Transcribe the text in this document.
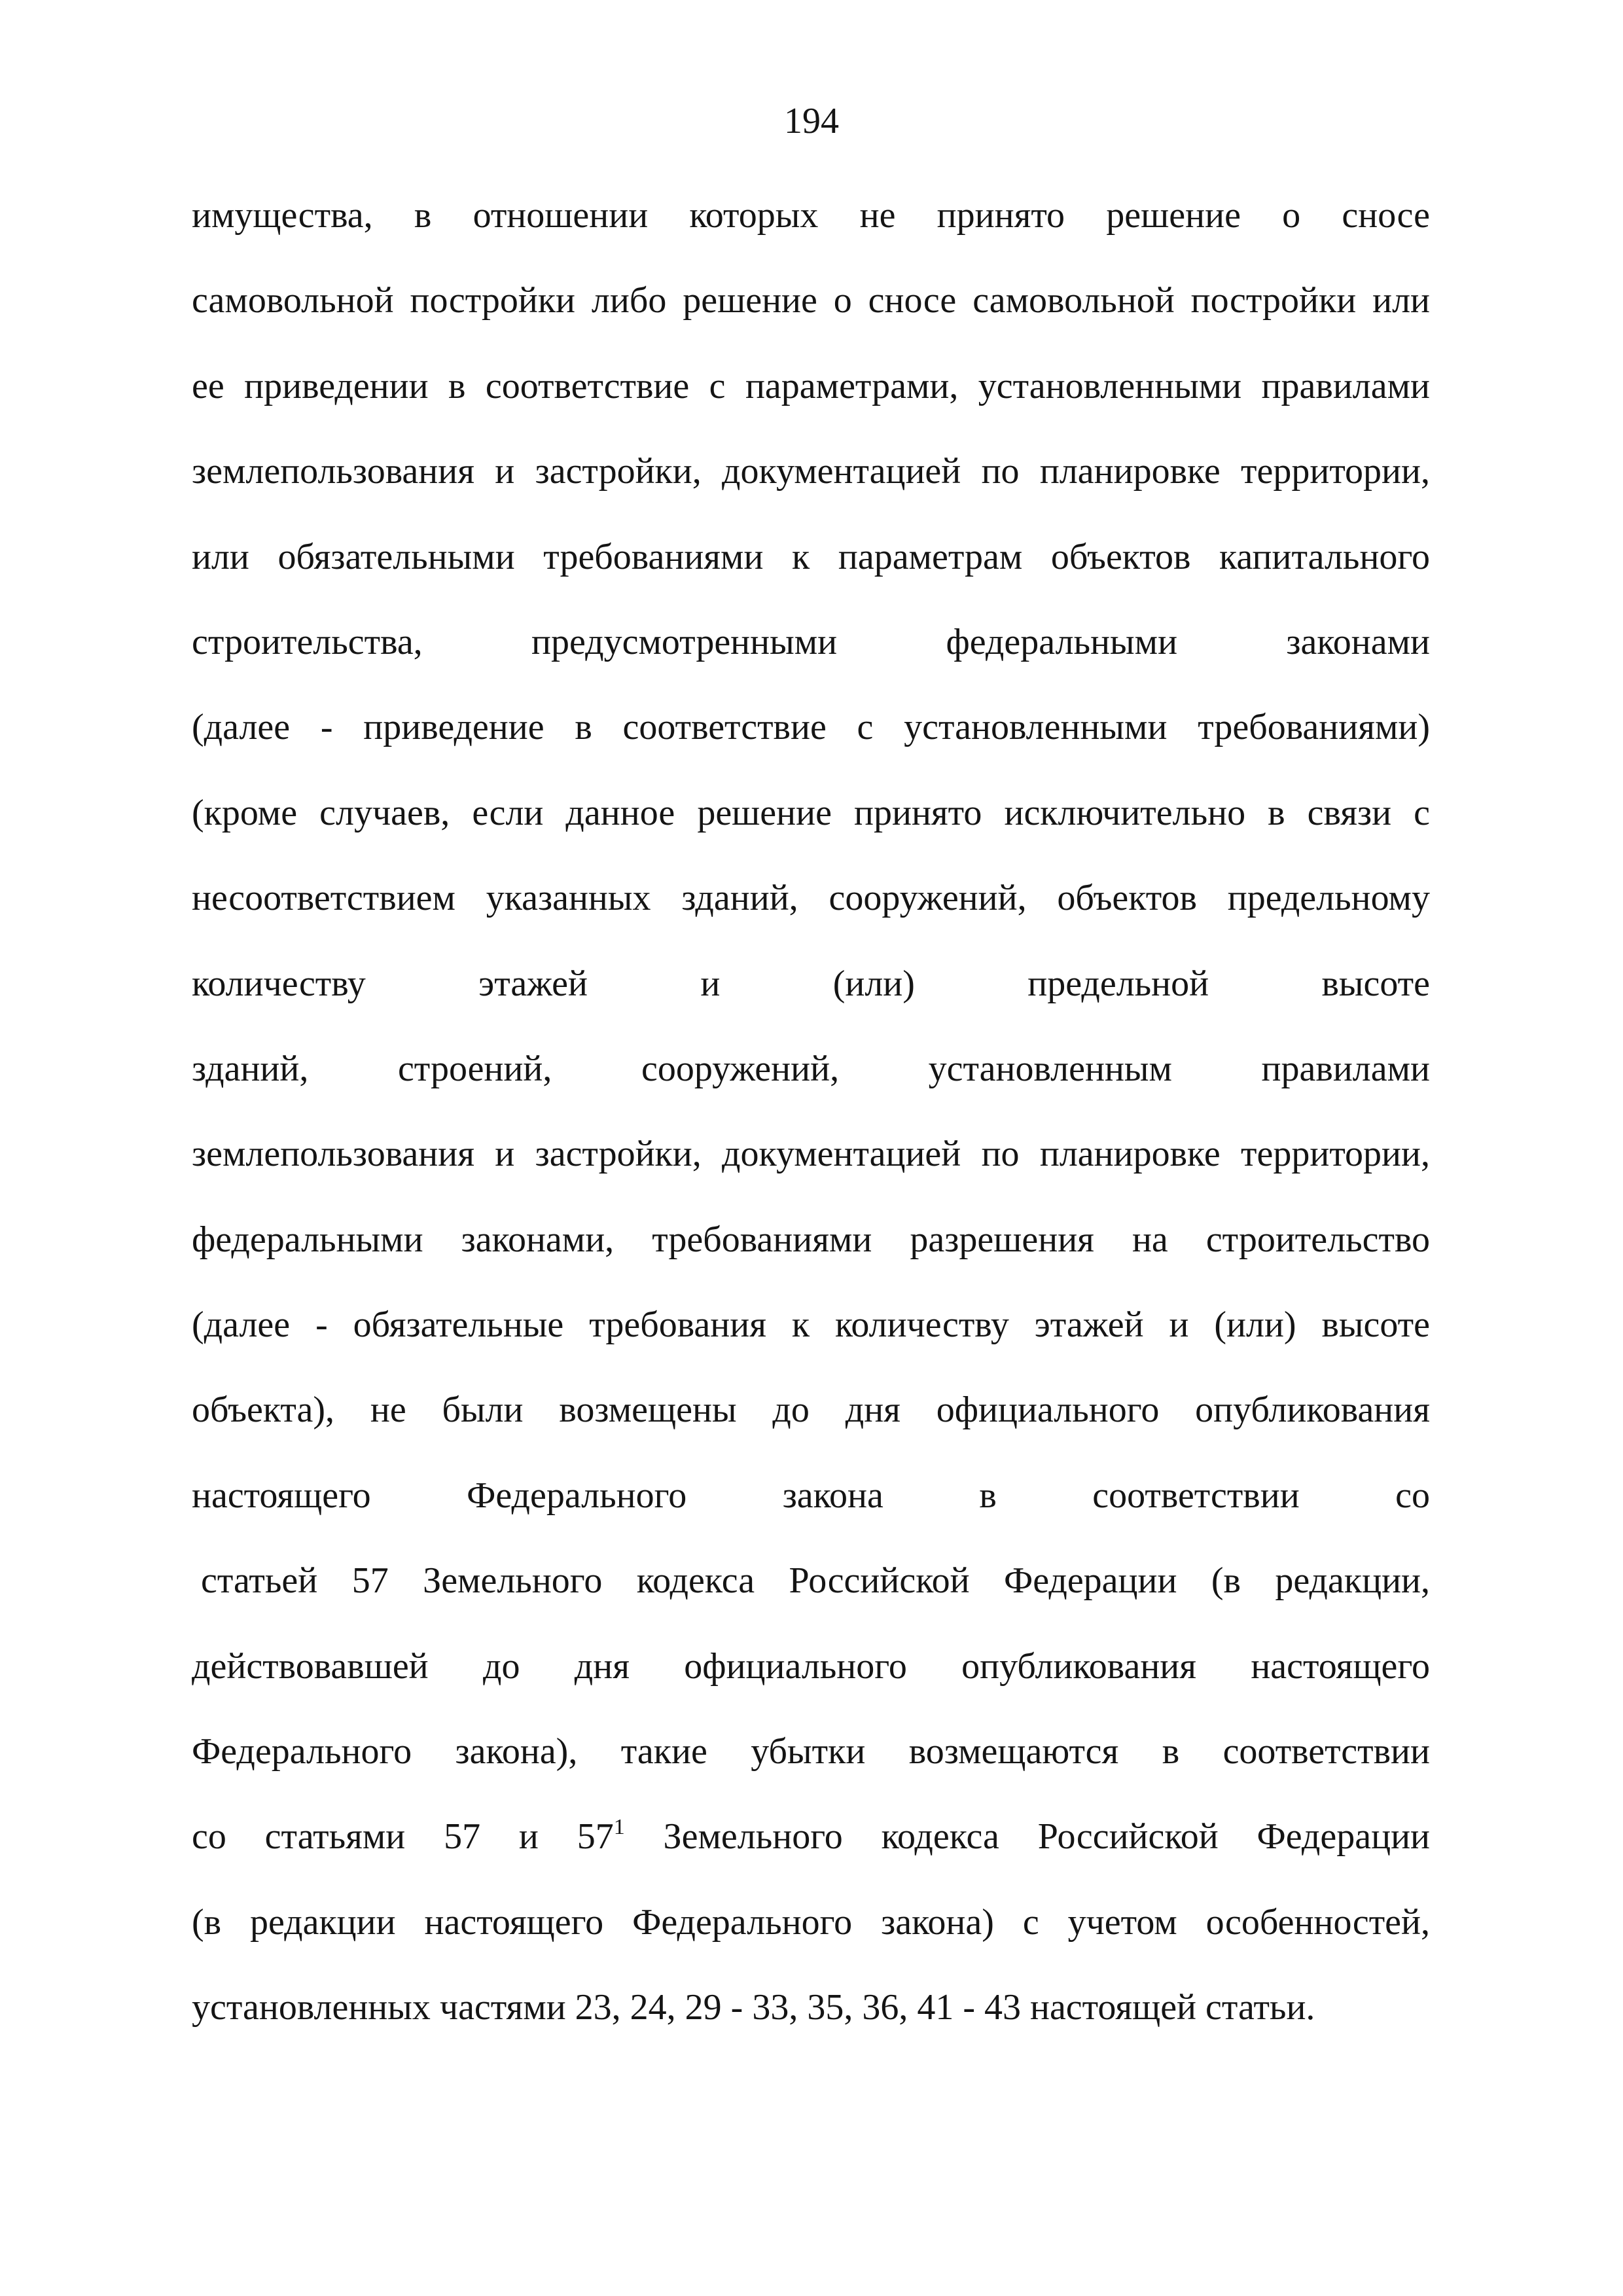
194
имущества, в отношении которых не принято решение о сносе
самовольной постройки либо решение о сносе самовольной постройки или
ее приведении в соответствие с параметрами, установленными правилами
землепользования и застройки, документацией по планировке территории,
или обязательными требованиями к параметрам объектов капитального
строительства, предусмотренными федеральными законами
(далее - приведение в соответствие с установленными требованиями)
(кроме случаев, если данное решение принято исключительно в связи с
несоответствием указанных зданий, сооружений, объектов предельному
количеству этажей и (или) предельной высоте
зданий, строений, сооружений, установленным правилами
землепользования и застройки, документацией по планировке территории,
федеральными законами, требованиями разрешения на строительство
(далее - обязательные требования к количеству этажей и (или) высоте
объекта), не были возмещены до дня официального опубликования
настоящего Федерального закона в соответствии со
статьей 57 Земельного кодекса Российской Федерации (в редакции,
действовавшей до дня официального опубликования настоящего
Федерального закона), такие убытки возмещаются в соответствии
со статьями 57 и $57^1$ Земельного кодекса Российской Федерации
(в редакции настоящего Федерального закона) с учетом особенностей,
установленных частями 23, 24, 29 - 33, 35, 36, 41 - 43 настоящей статьи.
